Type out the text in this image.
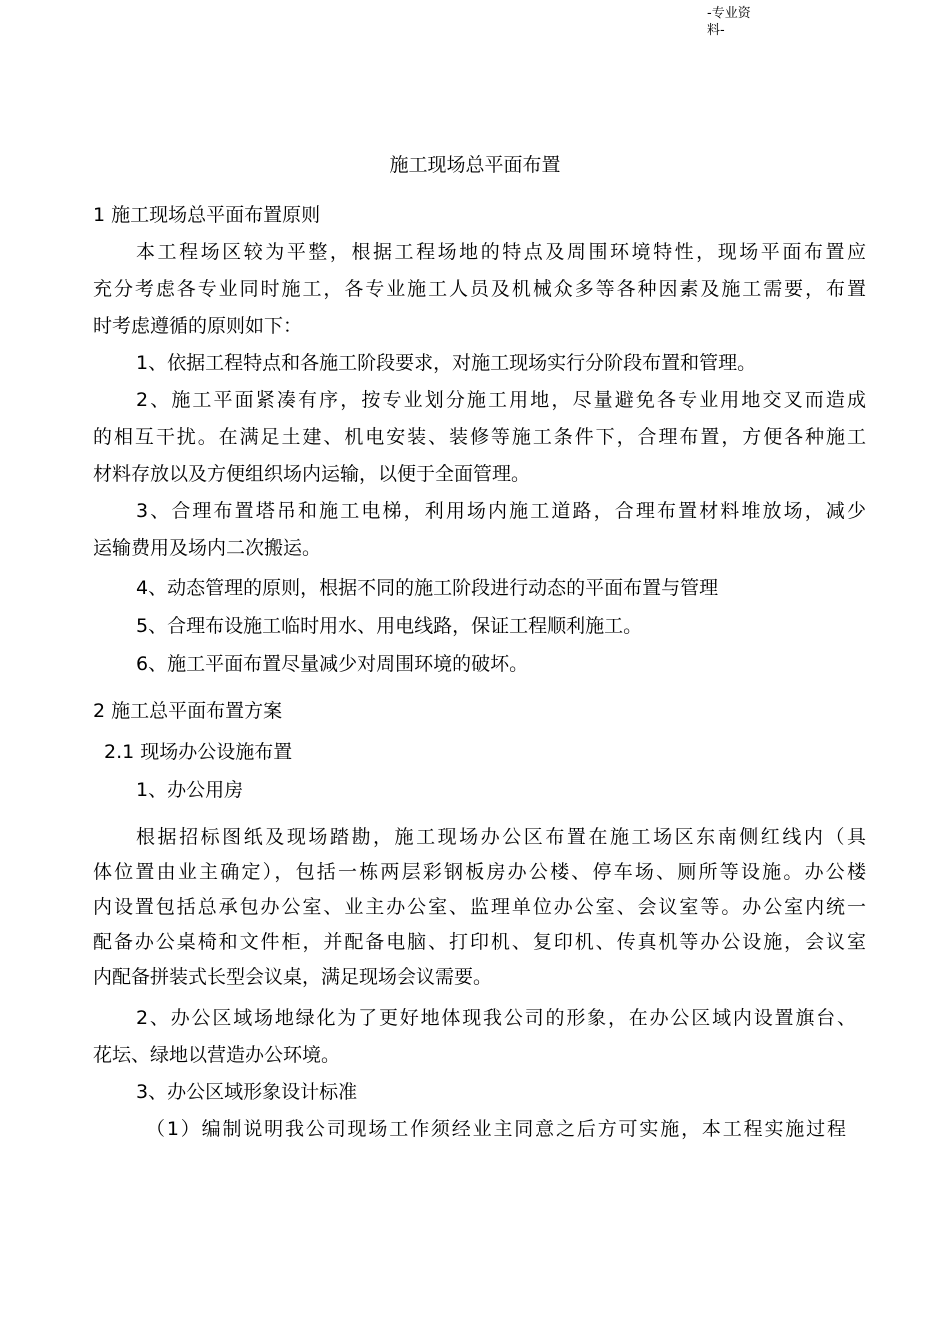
-专业资
料-
施工现场总平面布置
1 施工现场总平面布置原则
本工程场区较为平整，根据工程场地的特点及周围环境特性，现场平面布置应
充分考虑各专业同时施工，各专业施工人员及机械众多等各种因素及施工需要，布置
时考虑遵循的原则如下：
1、依据工程特点和各施工阶段要求，对施工现场实行分阶段布置和管理。
2、施工平面紧凑有序，按专业划分施工用地，尽量避免各专业用地交叉而造成
的相互干扰。在满足土建、机电安装、装修等施工条件下，合理布置，方便各种施工
材料存放以及方便组织场内运输，以便于全面管理。
3、合理布置塔吊和施工电梯，利用场内施工道路，合理布置材料堆放场，减少
运输费用及场内二次搬运。
4、动态管理的原则，根据不同的施工阶段进行动态的平面布置与管理
5、合理布设施工临时用水、用电线路，保证工程顺利施工。
6、施工平面布置尽量减少对周围环境的破坏。
2 施工总平面布置方案
2.1 现场办公设施布置
1、办公用房
根据招标图纸及现场踏勘，施工现场办公区布置在施工场区东南侧红线内（具
体位置由业主确定），包括一栋两层彩钢板房办公楼、停车场、厕所等设施。办公楼
内设置包括总承包办公室、业主办公室、监理单位办公室、会议室等。办公室内统一
配备办公桌椅和文件柜，并配备电脑、打印机、复印机、传真机等办公设施，会议室
内配备拼装式长型会议桌，满足现场会议需要。
2、办公区域场地绿化为了更好地体现我公司的形象，在办公区域内设置旗台、
花坛、绿地以营造办公环境。
3、办公区域形象设计标准
（1）编制说明我公司现场工作须经业主同意之后方可实施，本工程实施过程
